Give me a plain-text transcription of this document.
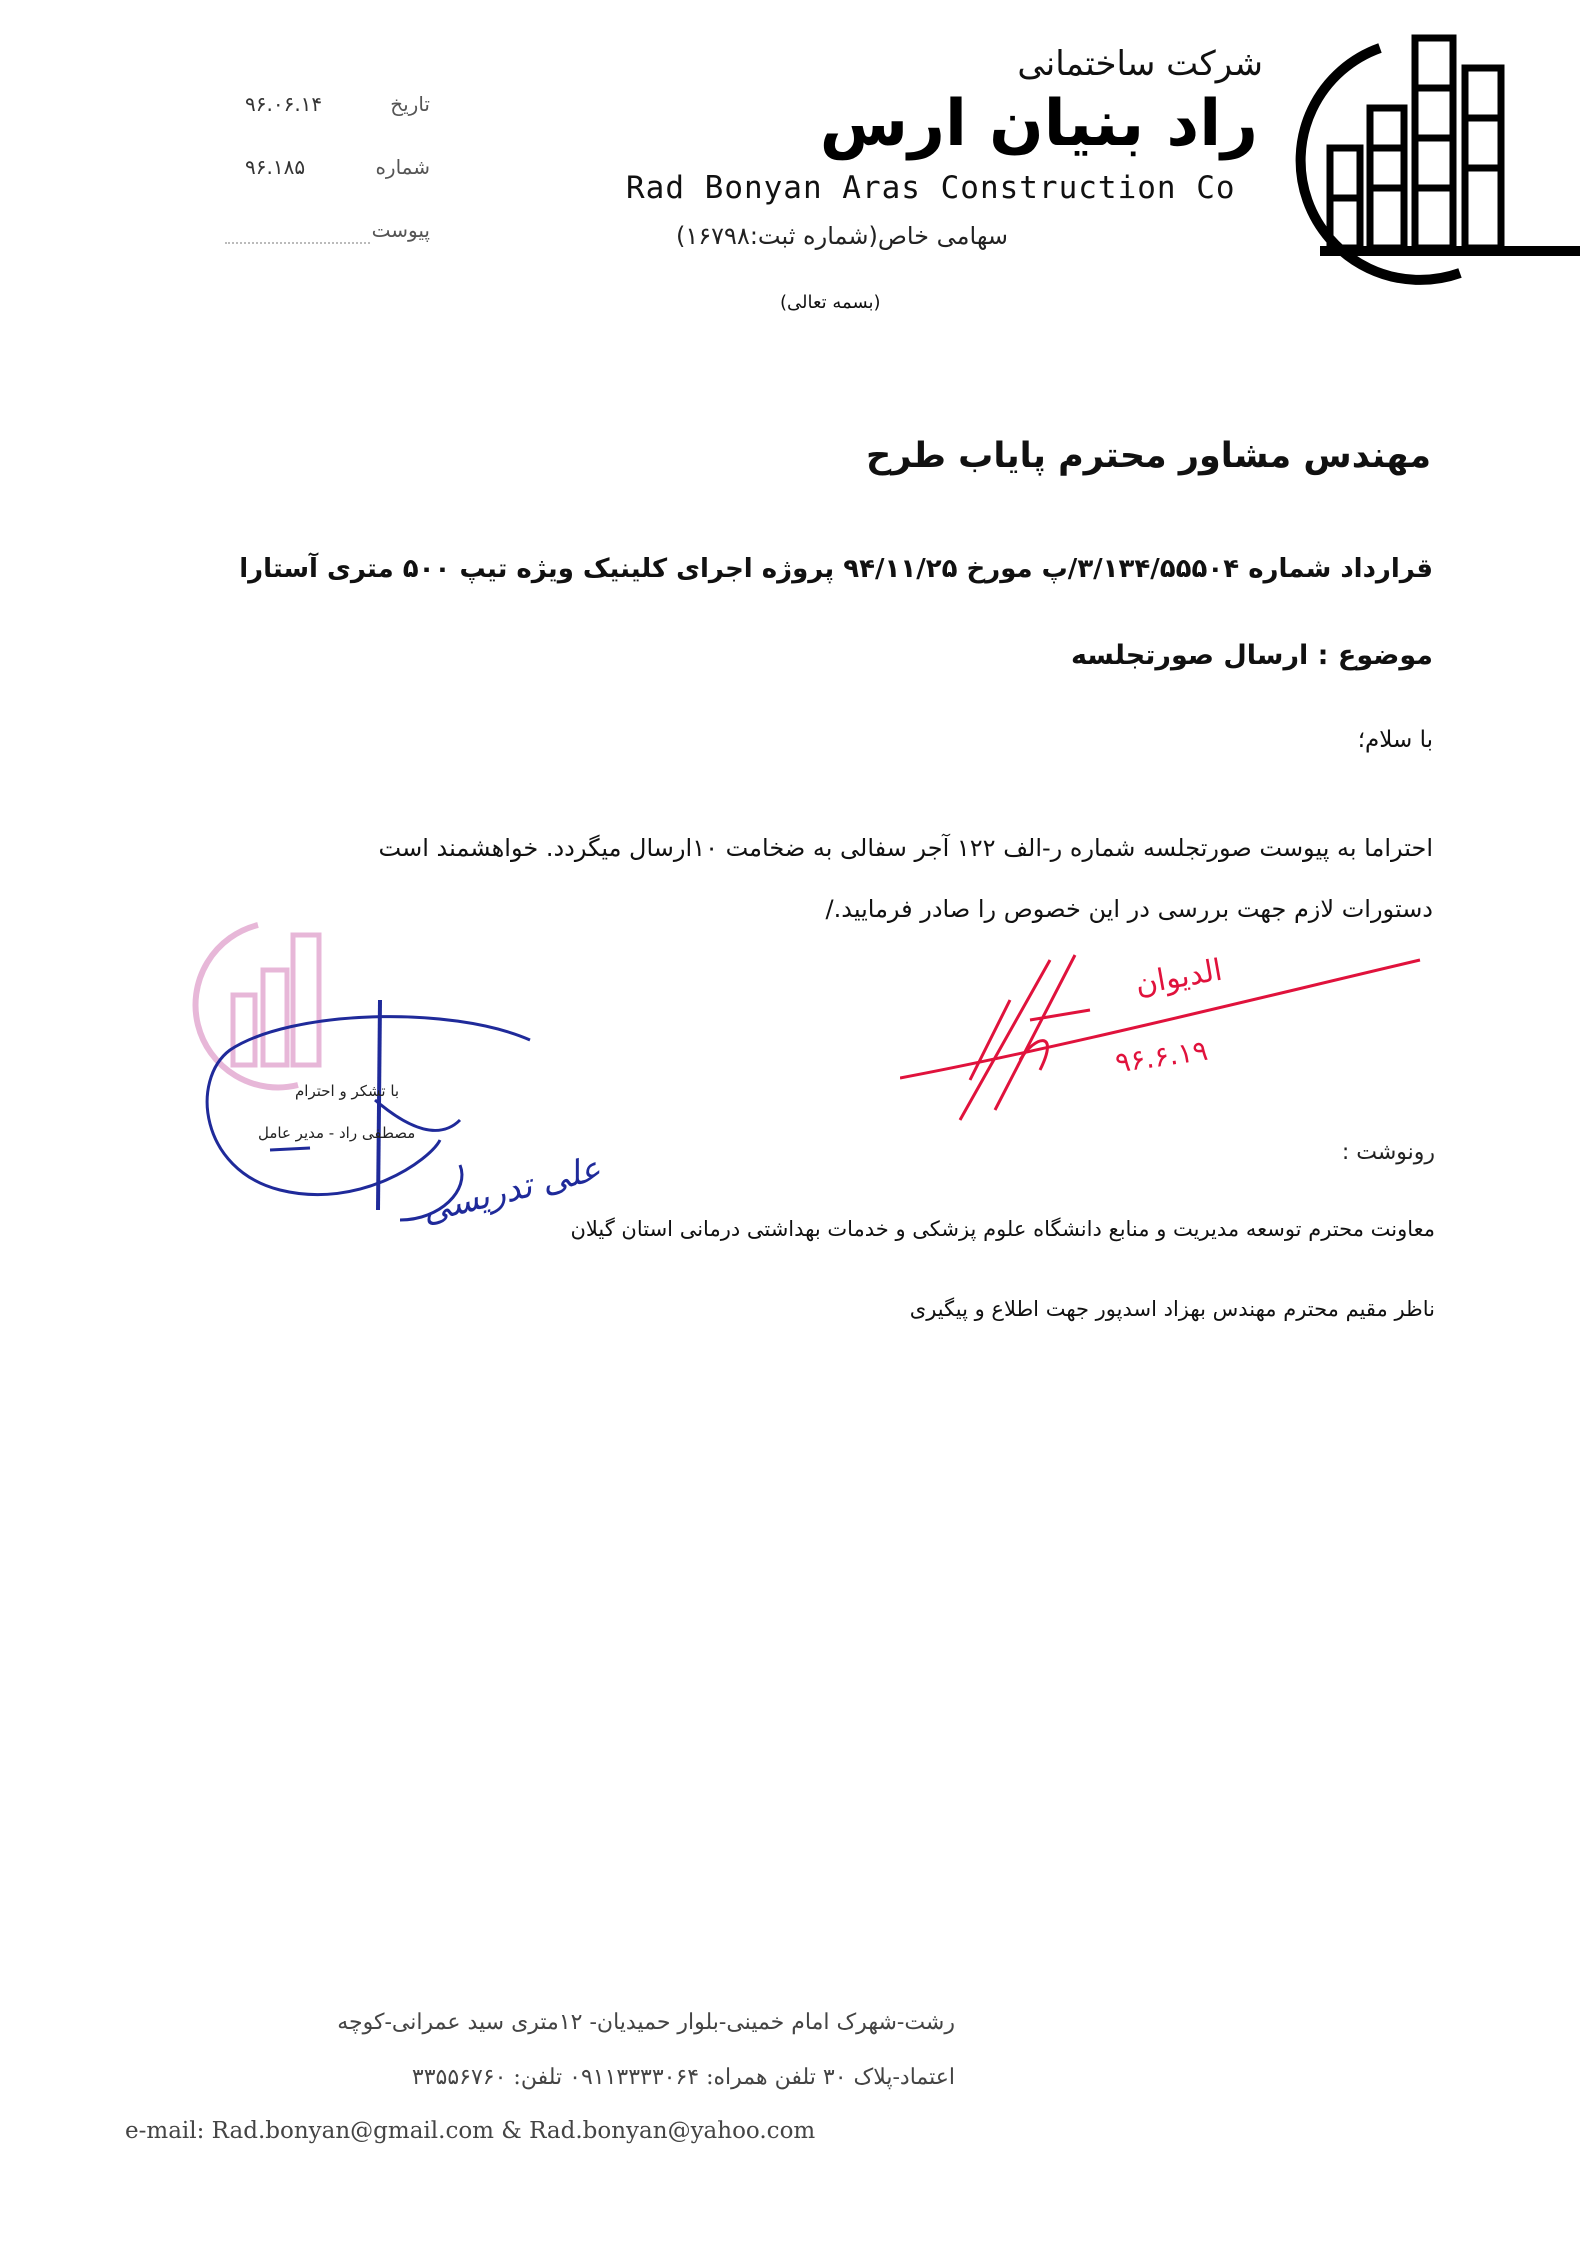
شرکت ساختمانی
راد بنیان ارس
Rad Bonyan Aras Construction Co
سهامی خاص(شماره ثبت:۱۶۷۹۸)
(بسمه تعالی)
۹۶.۰۶.۱۴	تاریخ
۹۶.۱۸۵	شماره
پیوست
مهندس مشاور محترم پایاب طرح
قرارداد شماره ۳/۱۳۴/۵۵۵۰۴/پ مورخ ۹۴/۱۱/۲۵ پروژه اجرای کلینیک ویژه تیپ ۵۰۰ متری آستارا
موضوع : ارسال صورتجلسه
با سلام؛
احتراما به پیوست صورتجلسه شماره ر-الف ۱۲۲ آجر سفالی به ضخامت ۱۰ارسال میگردد. خواهشمند است
دستورات لازم جهت بررسی در این خصوص را صادر فرمایید./
با تشکر و احترام
مصطفی راد - مدیر عامل
علی تدریسی
الدیوان
۹۶.۶.۱۹
رونوشت :
معاونت محترم توسعه مدیریت و منابع دانشگاه علوم پزشکی و خدمات بهداشتی درمانی استان گیلان
ناظر مقیم محترم مهندس بهزاد اسدپور جهت اطلاع و پیگیری
رشت-شهرک امام خمینی-بلوار حمیدیان- ۱۲متری سید عمرانی-کوچه
اعتماد-پلاک ۳۰ تلفن همراه: ۰۹۱۱۳۳۳۳۰۶۴ تلفن: ۳۳۵۵۶۷۶۰
e-mail: Rad.bonyan@gmail.com & Rad.bonyan@yahoo.com
